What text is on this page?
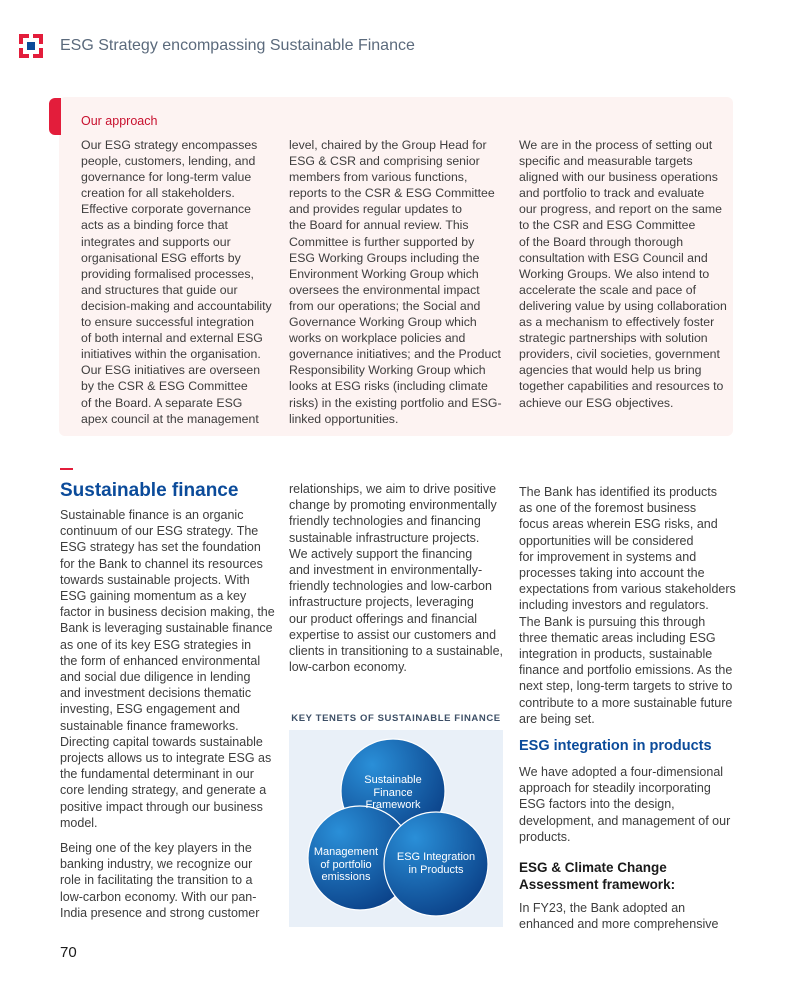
ESG Strategy encompassing Sustainable Finance
Our approach
Our ESG strategy encompasses
people, customers, lending, and
governance for long-term value
creation for all stakeholders.
Effective corporate governance
acts as a binding force that
integrates and supports our
organisational ESG efforts by
providing formalised processes,
and structures that guide our
decision-making and accountability
to ensure successful integration
of both internal and external ESG
initiatives within the organisation.
Our ESG initiatives are overseen
by the CSR & ESG Committee
of the Board. A separate ESG
apex council at the management
level, chaired by the Group Head for
ESG & CSR and comprising senior
members from various functions,
reports to the CSR & ESG Committee
and provides regular updates to
the Board for annual review. This
Committee is further supported by
ESG Working Groups including the
Environment Working Group which
oversees the environmental impact
from our operations; the Social and
Governance Working Group which
works on workplace policies and
governance initiatives; and the Product
Responsibility Working Group which
looks at ESG risks (including climate
risks) in the existing portfolio and ESG-
linked opportunities.
We are in the process of setting out
specific and measurable targets
aligned with our business operations
and portfolio to track and evaluate
our progress, and report on the same
to the CSR and ESG Committee
of the Board through thorough
consultation with ESG Council and
Working Groups. We also intend to
accelerate the scale and pace of
delivering value by using collaboration
as a mechanism to effectively foster
strategic partnerships with solution
providers, civil societies, government
agencies that would help us bring
together capabilities and resources to
achieve our ESG objectives.
Sustainable finance

Sustainable finance is an organic
continuum of our ESG strategy. The
ESG strategy has set the foundation
for the Bank to channel its resources
towards sustainable projects. With
ESG gaining momentum as a key
factor in business decision making, the
Bank is leveraging sustainable finance
as one of its key ESG strategies in
the form of enhanced environmental
and social due diligence in lending
and investment decisions thematic
investing, ESG engagement and
sustainable finance frameworks.
Directing capital towards sustainable
projects allows us to integrate ESG as
the fundamental determinant in our
core lending strategy, and generate a
positive impact through our business
model.

Being one of the key players in the
banking industry, we recognize our
role in facilitating the transition to a
low-carbon economy. With our pan-
India presence and strong customer

relationships, we aim to drive positive
change by promoting environmentally
friendly technologies and financing
sustainable infrastructure projects.
We actively support the financing
and investment in environmentally-
friendly technologies and low-carbon
infrastructure projects, leveraging
our product offerings and financial
expertise to assist our customers and
clients in transitioning to a sustainable,
low-carbon economy.
The Bank has identified its products
as one of the foremost business
focus areas wherein ESG risks, and
opportunities will be considered
for improvement in systems and
processes taking into account the
expectations from various stakeholders
including investors and regulators.
The Bank is pursuing this through
three thematic areas including ESG
integration in products, sustainable
finance and portfolio emissions. As the
next step, long-term targets to strive to
contribute to a more sustainable future
are being set.
ESG integration in products
We have adopted a four-dimensional
approach for steadily incorporating
ESG factors into the design,
development, and management of our
products.
ESG & Climate Change
Assessment framework:
In FY23, the Bank adopted an
enhanced and more comprehensive
KEY TENETS OF SUSTAINABLE FINANCE
Sustainable
Finance
Framework
Management
of portfolio
emissions
ESG Integration
in Products
70
